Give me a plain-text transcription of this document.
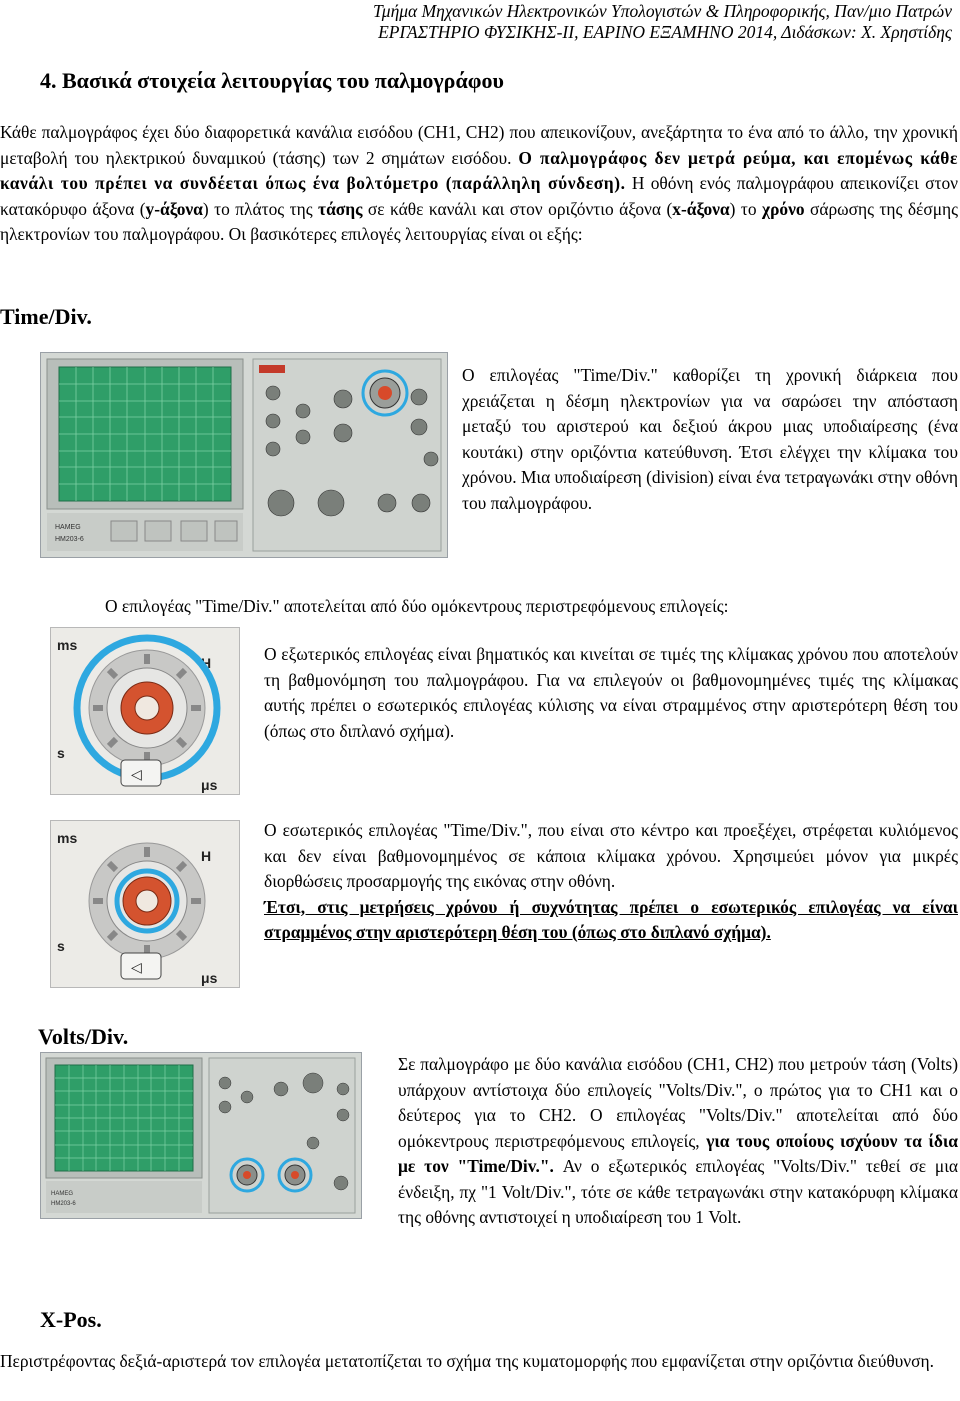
Τμήμα Μηχανικών Ηλεκτρονικών Υπολογιστών & Πληροφορικής, Παν/μιο Πατρών
ΕΡΓΑΣΤΗΡΙΟ ΦΥΣΙΚΗΣ-ΙΙ, ΕΑΡΙΝΟ ΕΞΑΜΗΝΟ 2014, Διδάσκων: Χ. Χρηστίδης
4. Βασικά στοιχεία λειτουργίας του παλμογράφου
Κάθε παλμογράφος έχει δύο διαφορετικά κανάλια εισόδου (CH1, CH2) που απεικονίζουν, ανεξάρτητα το ένα από το άλλο, την χρονική μεταβολή του ηλεκτρικού δυναμικού (τάσης) των 2 σημάτων εισόδου. Ο παλμογράφος δεν μετρά ρεύμα, και επομένως κάθε κανάλι του πρέπει να συνδέεται όπως ένα βολτόμετρο (παράλληλη σύνδεση). Η οθόνη ενός παλμογράφου απεικονίζει στον κατακόρυφο άξονα (y-άξονα) το πλάτος της τάσης σε κάθε κανάλι και στον οριζόντιο άξονα (x-άξονα) το χρόνο σάρωσης της δέσμης ηλεκτρονίων του παλμογράφου. Οι βασικότερες επιλογές λειτουργίας είναι οι εξής:
Time/Div.
HAMEG
HM203-6
Ο επιλογέας "Time/Div." καθορίζει τη χρονική διάρκεια που χρειάζεται η δέσμη ηλεκτρονίων για να σαρώσει την απόσταση μεταξύ του αριστερού και δεξιού άκρου μιας υποδιαίρεσης (ένα κουτάκι) στην οριζόντια κατεύθυνση. Έτσι ελέγχει την κλίμακα του χρόνου. Μια υποδιαίρεση (division) είναι ένα τετραγωνάκι στην οθόνη του παλμογράφου.
Ο επιλογέας "Time/Div." αποτελείται από δύο ομόκεντρους περιστρεφόμενους επιλογείς:
ms
H
μs
s
◁
Ο εξωτερικός επιλογέας είναι βηματικός και κινείται σε τιμές της κλίμακας χρόνου που αποτελούν τη βαθμονόμηση του παλμογράφου. Για να επιλεγούν οι βαθμονομημένες τιμές της κλίμακας αυτής πρέπει ο εσωτερικός επιλογέας κύλισης να είναι στραμμένος στην αριστερότερη θέση του (όπως στο διπλανό σχήμα).
ms
H
μs
s
◁
Ο εσωτερικός επιλογέας "Time/Div.", που είναι στο κέντρο και προεξέχει, στρέφεται κυλιόμενος και δεν είναι βαθμονομημένος σε κάποια κλίμακα χρόνου. Χρησιμεύει μόνον για μικρές διορθώσεις προσαρμογής της εικόνας στην οθόνη.
Έτσι, στις μετρήσεις χρόνου ή συχνότητας πρέπει ο εσωτερικός επιλογέας να είναι στραμμένος στην αριστερότερη θέση του (όπως στο διπλανό σχήμα).
Volts/Div.
HAMEG
HM203-6
Σε παλμογράφο με δύο κανάλια εισόδου (CH1, CH2) που μετρούν τάση (Volts) υπάρχουν αντίστοιχα δύο επιλογείς "Volts/Div.", ο πρώτος για το CH1 και ο δεύτερος για το CH2. Ο επιλογέας "Volts/Div." αποτελείται από δύο ομόκεντρους περιστρεφόμενους επιλογείς, για τους οποίους ισχύουν τα ίδια με τον "Time/Div.". Αν ο εξωτερικός επιλογέας "Volts/Div." τεθεί σε μια ένδειξη, πχ "1 Volt/Div.", τότε σε κάθε τετραγωνάκι στην κατακόρυφη κλίμακα της οθόνης αντιστοιχεί η υποδιαίρεση του 1 Volt.
X-Pos.
Περιστρέφοντας δεξιά-αριστερά τον επιλογέα μετατοπίζεται το σχήμα της κυματομορφής που εμφανίζεται στην οριζόντια διεύθυνση.
